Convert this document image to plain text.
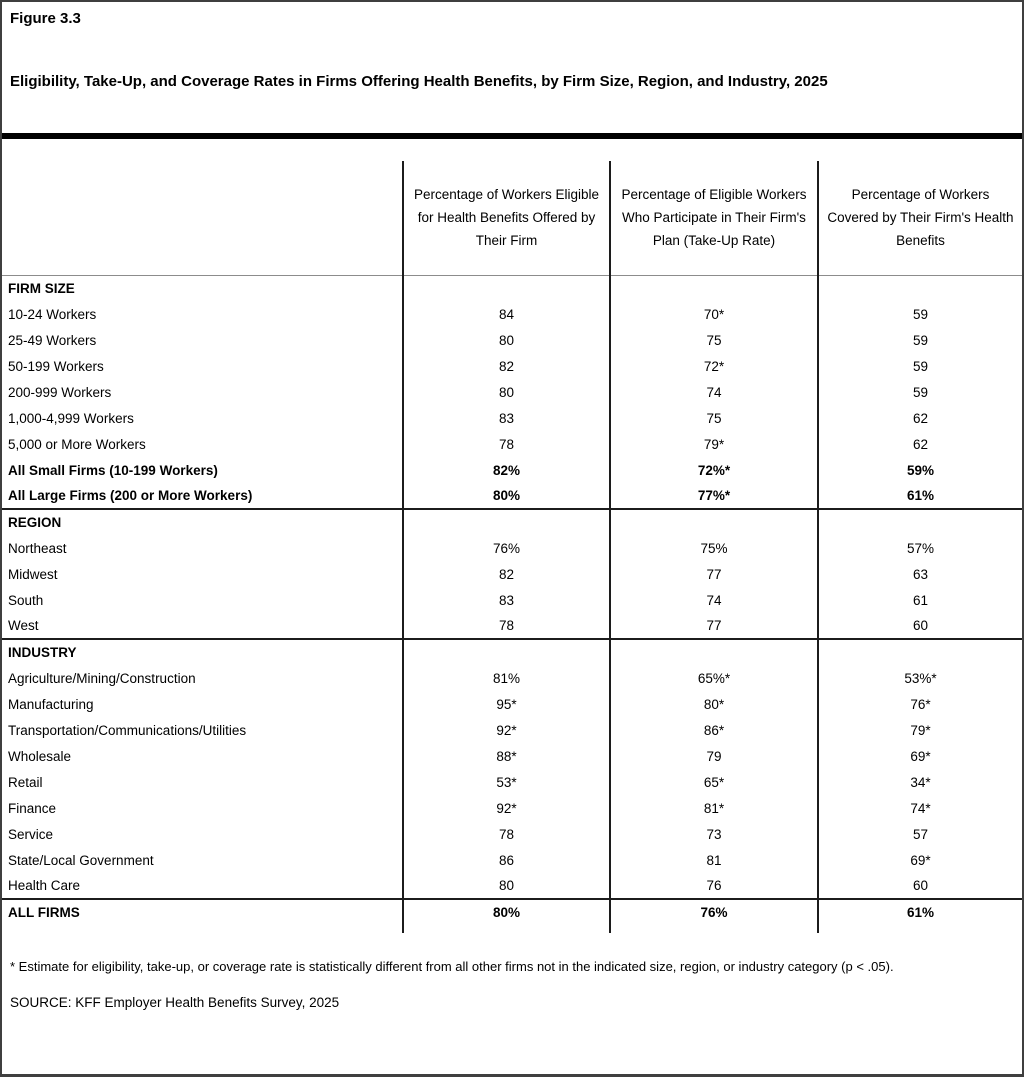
Figure 3.3
Eligibility, Take-Up, and Coverage Rates in Firms Offering Health Benefits, by Firm Size, Region, and Industry, 2025
	Percentage of Workers Eligible for Health Benefits Offered by Their Firm	Percentage of Eligible Workers Who Participate in Their Firm's Plan (Take-Up Rate)	Percentage of Workers Covered by Their Firm's Health Benefits
FIRM SIZE			
10-24 Workers	84	70*	59
25-49 Workers	80	75	59
50-199 Workers	82	72*	59
200-999 Workers	80	74	59
1,000-4,999 Workers	83	75	62
5,000 or More Workers	78	79*	62
All Small Firms (10-199 Workers)	82%	72%*	59%
All Large Firms (200 or More Workers)	80%	77%*	61%
REGION			
Northeast	76%	75%	57%
Midwest	82	77	63
South	83	74	61
West	78	77	60
INDUSTRY			
Agriculture/Mining/Construction	81%	65%*	53%*
Manufacturing	95*	80*	76*
Transportation/Communications/Utilities	92*	86*	79*
Wholesale	88*	79	69*
Retail	53*	65*	34*
Finance	92*	81*	74*
Service	78	73	57
State/Local Government	86	81	69*
Health Care	80	76	60
ALL FIRMS	80%	76%	61%

* Estimate for eligibility, take-up, or coverage rate is statistically different from all other firms not in the indicated size, region, or industry category (p < .05).
SOURCE: KFF Employer Health Benefits Survey, 2025
